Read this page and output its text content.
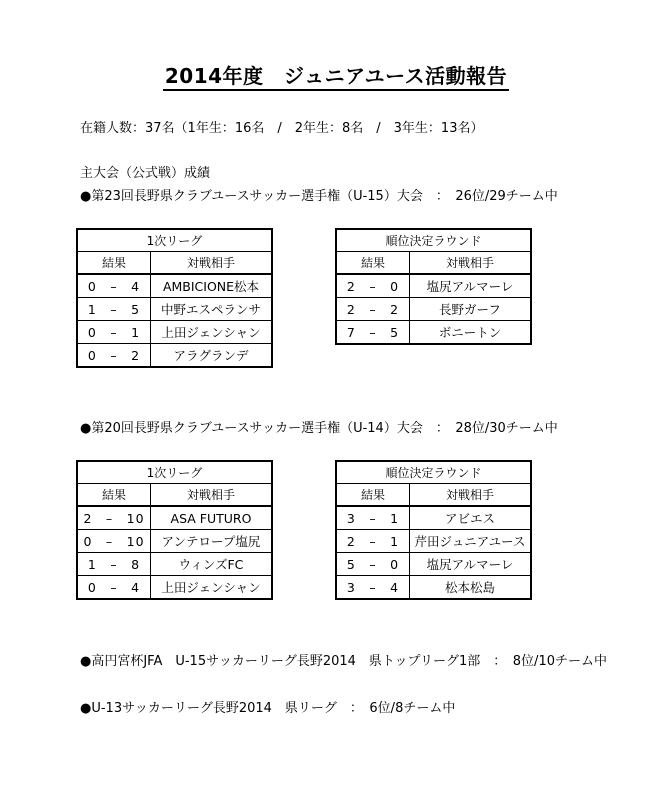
2014年度　ジュニアユース活動報告
在籍人数：37名（1年生：16名　/　2年生：8名　/　3年生：13名）
主大会（公式戦）成績
●第23回長野県クラブユースサッカー選手権（U-15）大会　：　26位/29チーム中
1次リーグ	
結果	対戦相手
0　–　4	AMBICIONE松本
1　–　5	中野エスペランサ
0　–　1	上田ジェンシャン
0　–　2	アラグランデ
順位決定ラウンド	
結果	対戦相手
2　–　0	塩尻アルマーレ
2　–　2	長野ガーフ
7　–　5	ボニートン
●第20回長野県クラブユースサッカー選手権（U-14）大会　：　28位/30チーム中
1次リーグ	
結果	対戦相手
2　–　10	ASA FUTURO
0　–　10	アンテロープ塩尻
1　–　8	ウィンズFC
0　–　4	上田ジェンシャン
順位決定ラウンド	
結果	対戦相手
3　–　1	アビエス
2　–　1	芹田ジュニアユース
5　–　0	塩尻アルマーレ
3　–　4	松本松島
●高円宮杯JFA　U-15サッカーリーグ長野2014　県トップリーグ1部　：　8位/10チーム中
●U-13サッカーリーグ長野2014　県リーグ　：　6位/8チーム中
